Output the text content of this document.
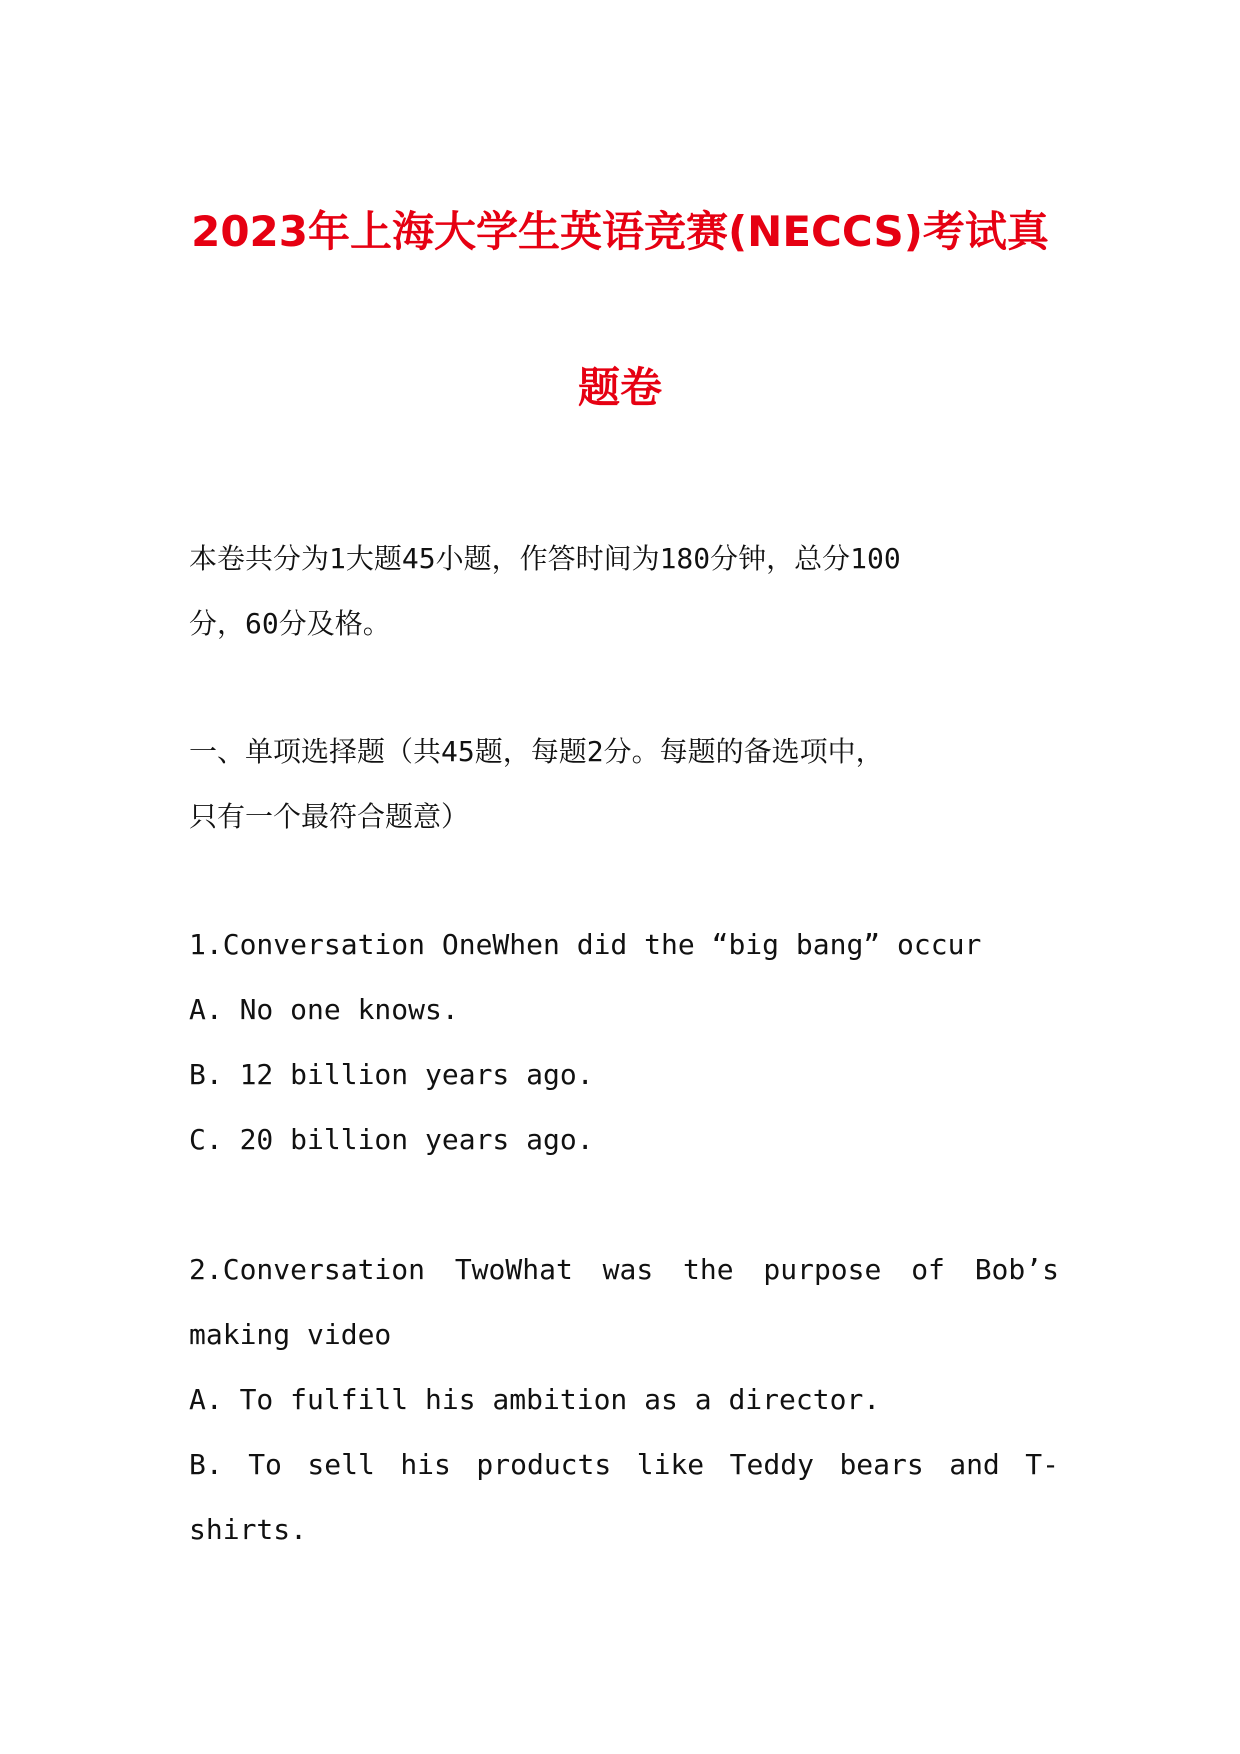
2023年上海大学生英语竞赛(NECCS)考试真
题卷

本卷共分为1大题45小题，作答时间为180分钟，总分100

分，60分及格。

一、单项选择题（共45题，每题2分。每题的备选项中，

只有一个最符合题意）

1.Conversation OneWhen did the “big bang” occur

A. No one knows.

B. 12 billion years ago.

C. 20 billion years ago.

2.Conversation TwoWhat was the purpose of Bob’s

making video

A. To fulfill his ambition as a director.

B. To sell his products like Teddy bears and T-

shirts.
